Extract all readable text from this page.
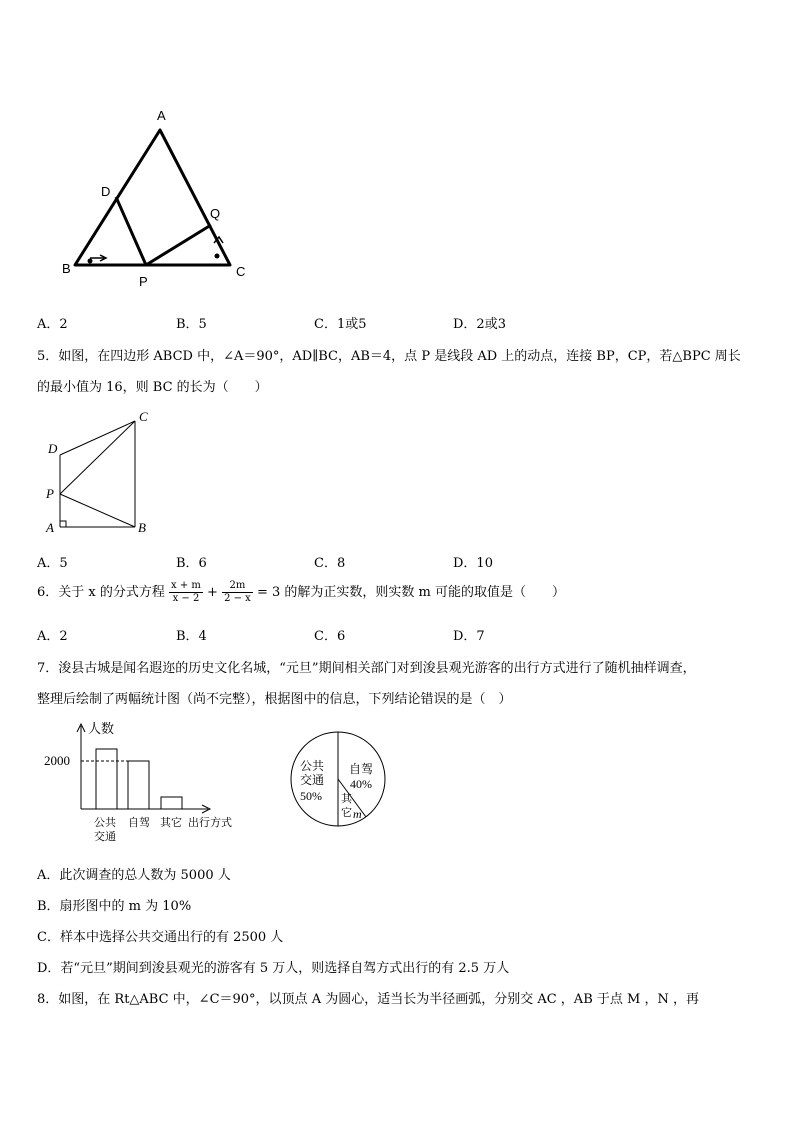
A
B	C
D
P
Q
A．2	B．5	C．1或5	D．2或3
5．如图，在四边形 ABCD 中，∠A＝90°，AD∥BC，AB＝4，点 P 是线段 AD 上的动点，连接 BP，CP，若△BPC 周长
的最小值为 16，则 BC 的长为（　　）
C
D
P
A	B
A．5	B．6	C．8	D．10
6．关于 x 的分式方程 $\frac{x + m}{x - 2} + \frac{2m}{2 - x} = 3$ 的解为正实数，则实数 m 可能的取值是（　　）
A．2	B．4	C．6	D．7
7．浚县古城是闻名遐迩的历史文化名城，“元旦”期间相关部门对到浚县观光游客的出行方式进行了随机抽样调查，
整理后绘制了两幅统计图（尚不完整），根据图中的信息，下列结论错误的是（　）
人数
2000
公共
交通
自驾 其它 出行方式
公共
交通
50%
自驾
40%
其
它 m
A．此次调查的总人数为 5000 人
B．扇形图中的 m 为 10%
C．样本中选择公共交通出行的有 2500 人
D．若“元旦”期间到浚县观光的游客有 5 万人，则选择自驾方式出行的有 2.5 万人
8．如图，在 Rt△ABC 中，∠C＝90°，以顶点 A 为圆心，适当长为半径画弧，分别交 AC ，AB 于点 M ，N ，再
